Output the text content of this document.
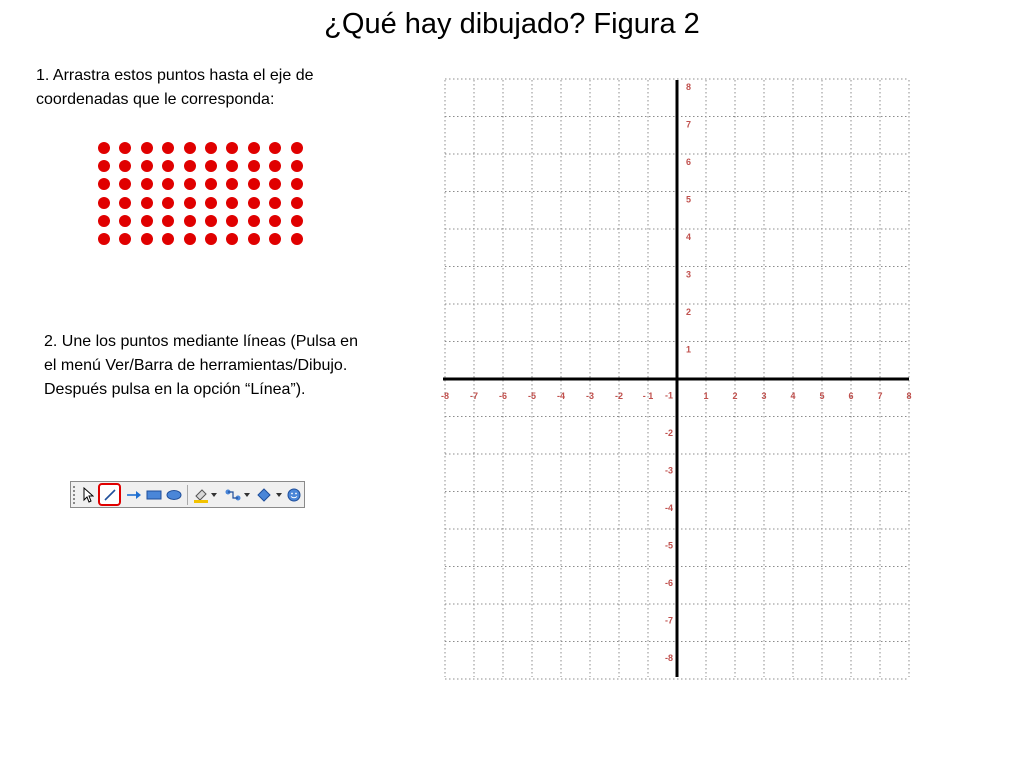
¿Qué hay dibujado? Figura 2
1. Arrastra estos puntos hasta el eje de coordenadas que le corresponda:
2. Une los puntos mediante líneas (Pulsa en el menú Ver/Barra de herramientas/Dibujo. Después pulsa en la opción “Línea”).	-8 -7 -6 -5 -4 -3 -2 - 1	1	2	3	4	5	6	7	8
1
2
3
4
5
6
7
8
-1
-2
-3
-4
-5
-6
-7
-8
